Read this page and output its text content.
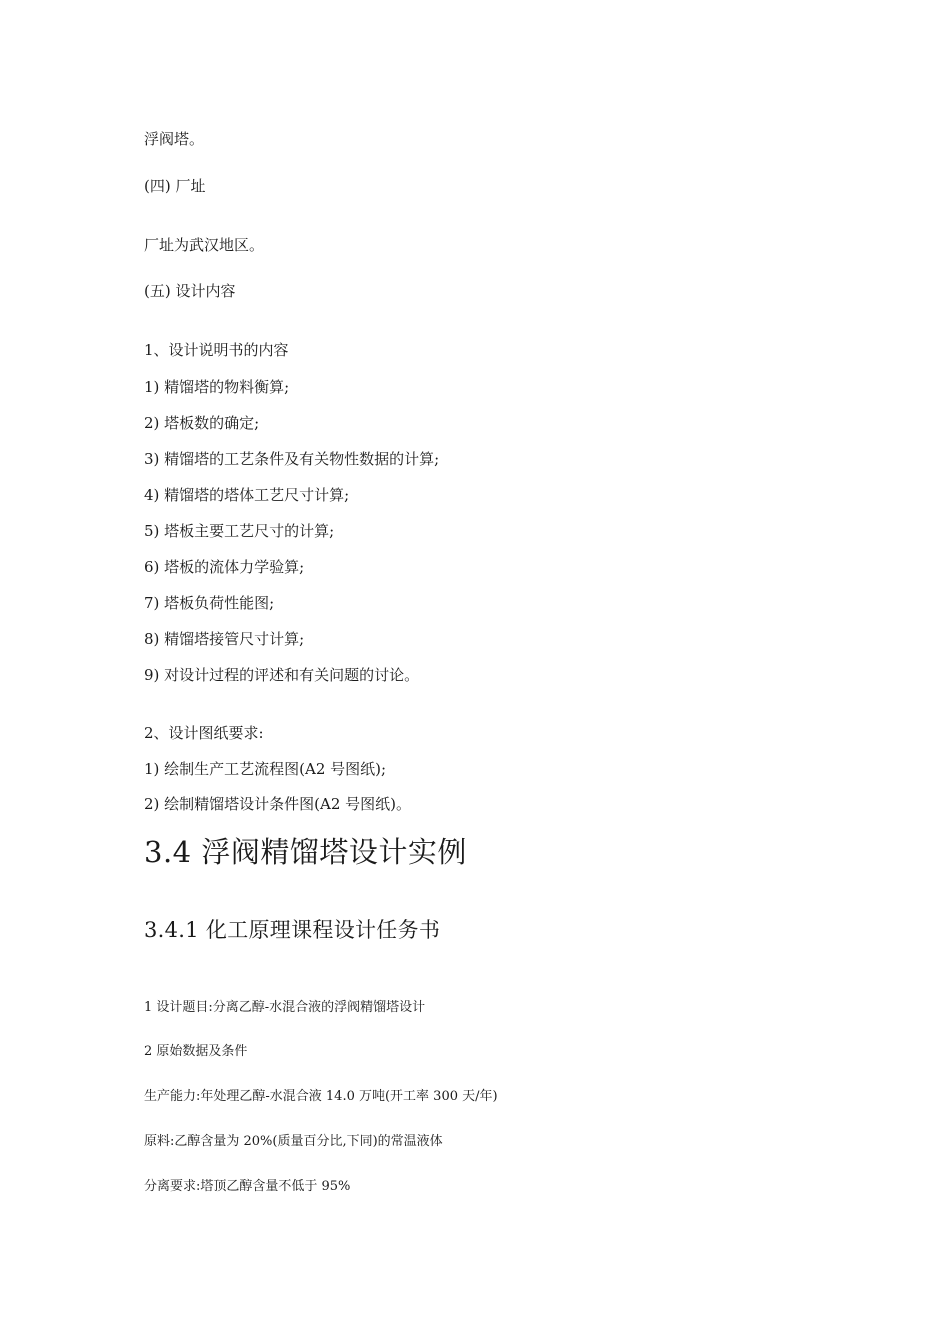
浮阀塔。
(四) 厂址
厂址为武汉地区。
(五) 设计内容
1、设计说明书的内容
1) 精馏塔的物料衡算;
2) 塔板数的确定;
3) 精馏塔的工艺条件及有关物性数据的计算;
4) 精馏塔的塔体工艺尺寸计算;
5) 塔板主要工艺尺寸的计算;
6) 塔板的流体力学验算;
7) 塔板负荷性能图;
8) 精馏塔接管尺寸计算;
9) 对设计过程的评述和有关问题的讨论。
2、设计图纸要求:
1) 绘制生产工艺流程图(A2 号图纸);
2) 绘制精馏塔设计条件图(A2 号图纸)。
3.4 浮阀精馏塔设计实例
3.4.1 化工原理课程设计任务书
1 设计题目:分离乙醇-水混合液的浮阀精馏塔设计
2 原始数据及条件
生产能力:年处理乙醇-水混合液 14.0 万吨(开工率 300 天/年)
原料:乙醇含量为 20%(质量百分比,下同)的常温液体
分离要求:塔顶乙醇含量不低于 95%
